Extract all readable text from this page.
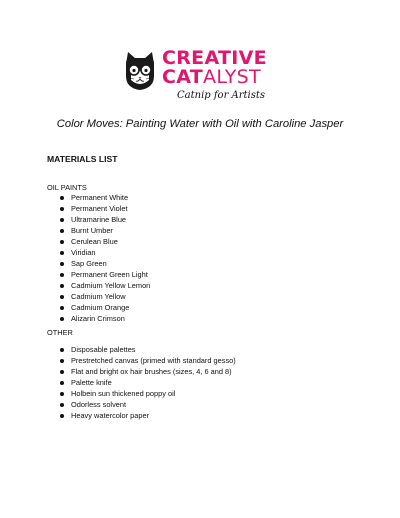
CREATIVE
CATALYST
Catnip for Artists
Color Moves: Painting Water with Oil with Caroline Jasper
MATERIALS LIST
OIL PAINTS
Permanent White
Permanent Violet
Ultramarine Blue
Burnt Umber
Cerulean Blue
Viridian
Sap Green
Permanent Green Light
Cadmium Yellow Lemon
Cadmium Yellow
Cadmium Orange
Alizarin Crimson
OTHER
Disposable palettes
Prestretched canvas (primed with standard gesso)
Flat and bright ox hair brushes (sizes, 4, 6 and 8)
Palette knife
Holbein sun thickened poppy oil
Odorless solvent
Heavy watercolor paper
